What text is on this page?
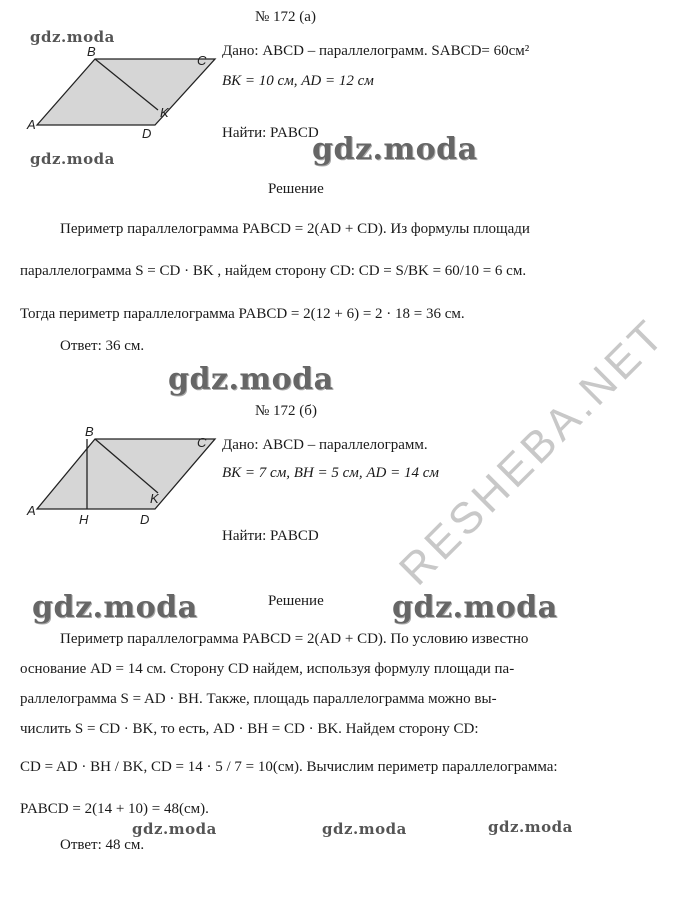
RESHEBA.NET
№ 172 (а)
gdz.moda
A
B
C
D
K
Дано: ABCD – параллелограмм. SABCD= 60см²
BK = 10 см, AD = 12 см
gdz.moda
Найти: PABCD
gdz.moda
Решение
Периметр параллелограмма PABCD = 2(AD + CD). Из формулы площади
параллелограмма S = CD · BK , найдем сторону CD: CD = S/BK = 60/10 = 6 см.
Тогда периметр параллелограмма PABCD = 2(12 + 6) = 2 · 18 = 36 см.
Ответ: 36 см.
gdz.moda
№ 172 (б)
A
B
C
D
K
H
Дано: ABCD – параллелограмм.
BK = 7 см, BH = 5 см, AD = 14 см
Найти: PABCD
gdz.moda	Решение gdz.moda
Периметр параллелограмма PABCD = 2(AD + CD). По условию известно
основание AD = 14 см. Сторону CD найдем, используя формулу площади па-
раллелограмма S = AD · BH. Также, площадь параллелограмма можно вы-
числить S = CD · BK, то есть, AD · BH = CD · BK. Найдем сторону CD:
CD = AD · BH / BK, CD = 14 · 5 / 7 = 10(см). Вычислим периметр параллелограмма:
PABCD = 2(14 + 10) = 48(см).
gdz.moda	gdz.moda	gdz.moda
Ответ: 48 см.
